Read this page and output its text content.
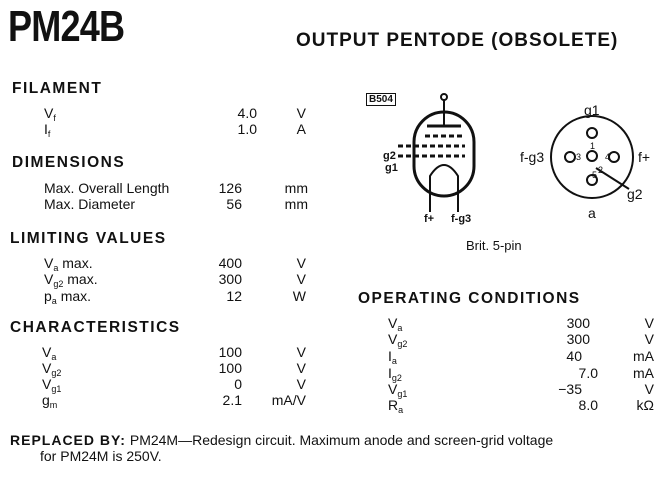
PM24B	OUTPUT PENTODE (OBSOLETE)
FILAMENT
$V_f$	4.0	V
$I_f$	1.0	A
DIMENSIONS
Max. Overall Length	126	mm
Max. Diameter	56	mm
LIMITING VALUES
$V_a$ max.	400	V
$V_{g2}$ max.	300	V
$p_a$ max.	12	W
CHARACTERISTICS
$V_a$	100	V
$V_{g2}$	100	V
$V_{g1}$	0	V
$g_m$	2.1	mA/V
OPERATING CONDITIONS
$V_a$	300	V
$V_{g2}$	300	V
$I_a$	40	mA
$I_{g2}$	7.0	mA
$V_{g1}$	−35	V
$R_a$	8.0	kΩ
B504
g2
g1
f+ f-g3
Brit. 5-pin
g1
f-g3	f+
g2
a
1
2
3	4
5
REPLACED BY: PM24M—Redesign circuit. Maximum anode and screen-grid voltage
for PM24M is 250V.
